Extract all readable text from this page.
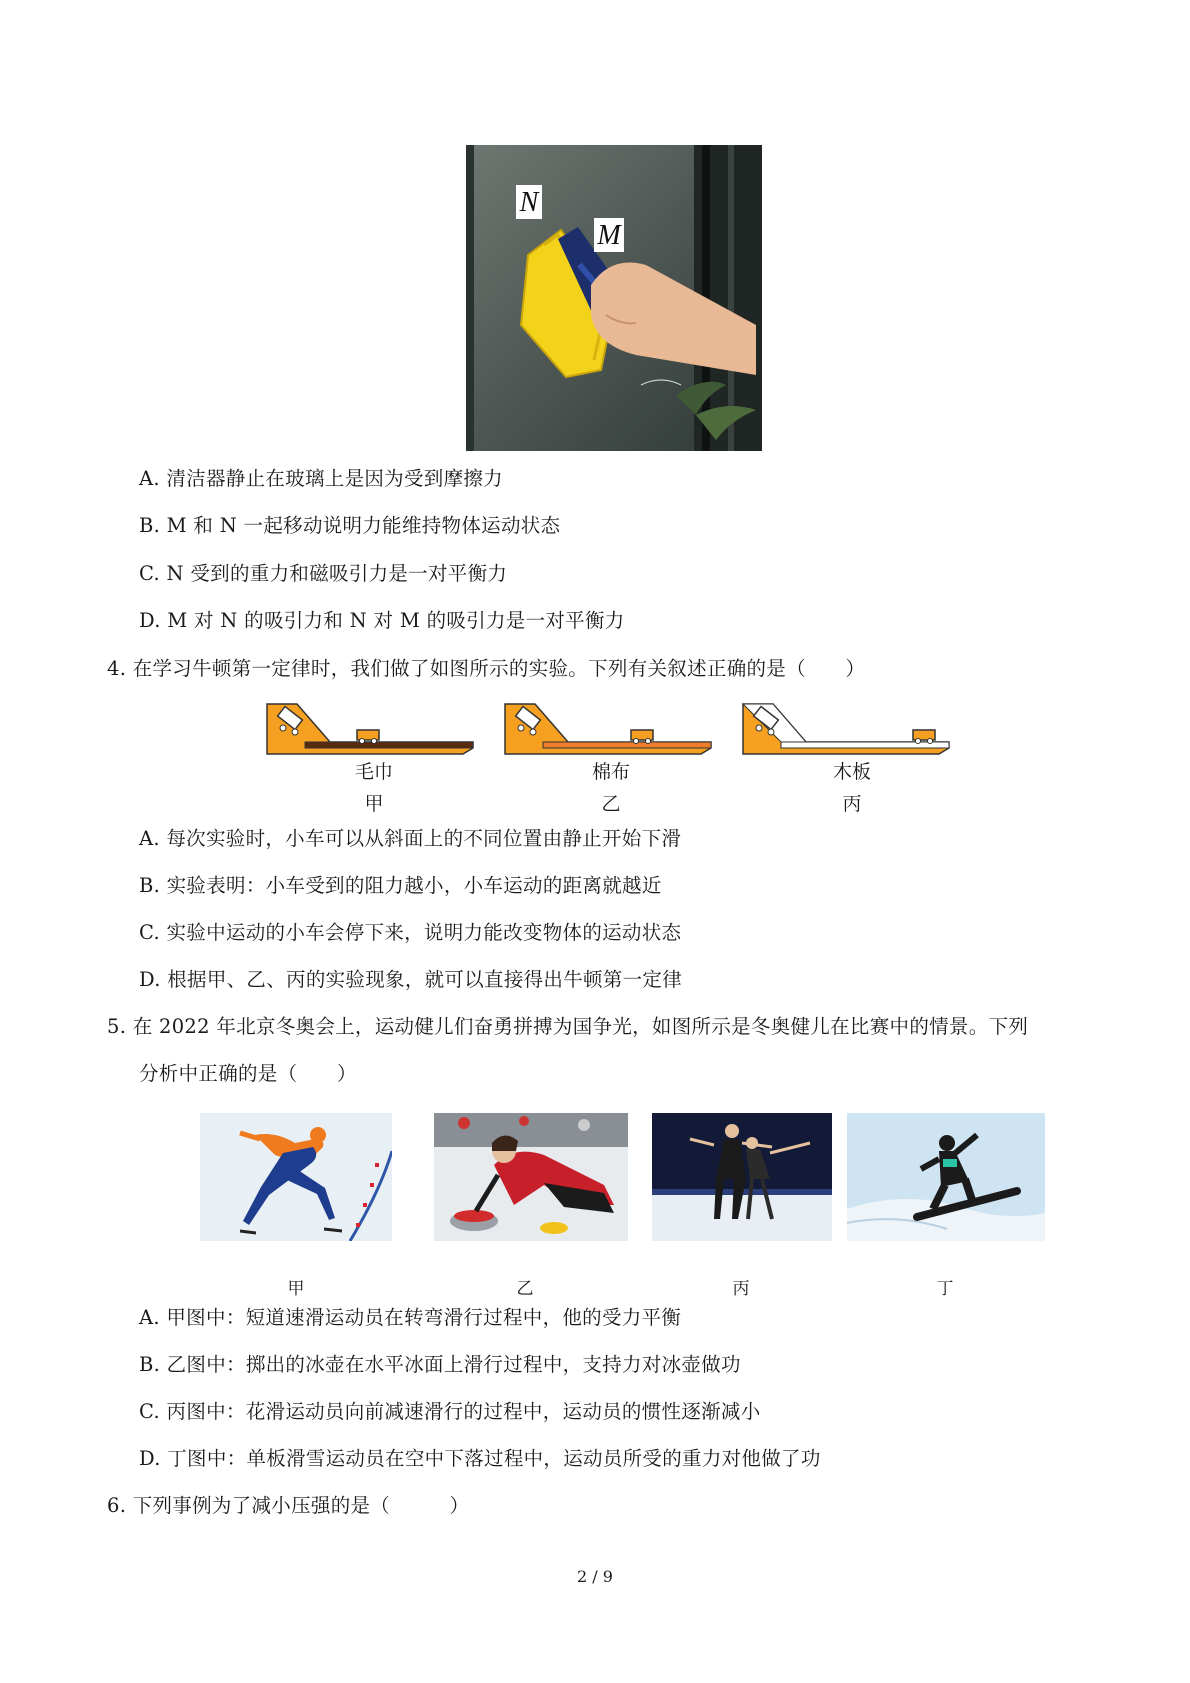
N
M
A. 清洁器静止在玻璃上是因为受到摩擦力
B. M 和 N 一起移动说明力能维持物体运动状态
C. N 受到的重力和磁吸引力是一对平衡力
D. M 对 N 的吸引力和 N 对 M 的吸引力是一对平衡力
4. 在学习牛顿第一定律时，我们做了如图所示的实验。下列有关叙述正确的是（　　）
毛巾
甲
棉布
乙
木板
丙
A. 每次实验时，小车可以从斜面上的不同位置由静止开始下滑
B. 实验表明：小车受到的阻力越小，小车运动的距离就越近
C. 实验中运动的小车会停下来，说明力能改变物体的运动状态
D. 根据甲、乙、丙的实验现象，就可以直接得出牛顿第一定律
5. 在 2022 年北京冬奥会上，运动健儿们奋勇拼搏为国争光，如图所示是冬奥健儿在比赛中的情景。下列
分析中正确的是（　　）
甲	乙	丙	丁
A. 甲图中：短道速滑运动员在转弯滑行过程中，他的受力平衡
B. 乙图中：掷出的冰壶在水平冰面上滑行过程中，支持力对冰壶做功
C. 丙图中：花滑运动员向前减速滑行的过程中，运动员的惯性逐渐减小
D. 丁图中：单板滑雪运动员在空中下落过程中，运动员所受的重力对他做了功
6. 下列事例为了减小压强的是（　　　）
2 / 9
